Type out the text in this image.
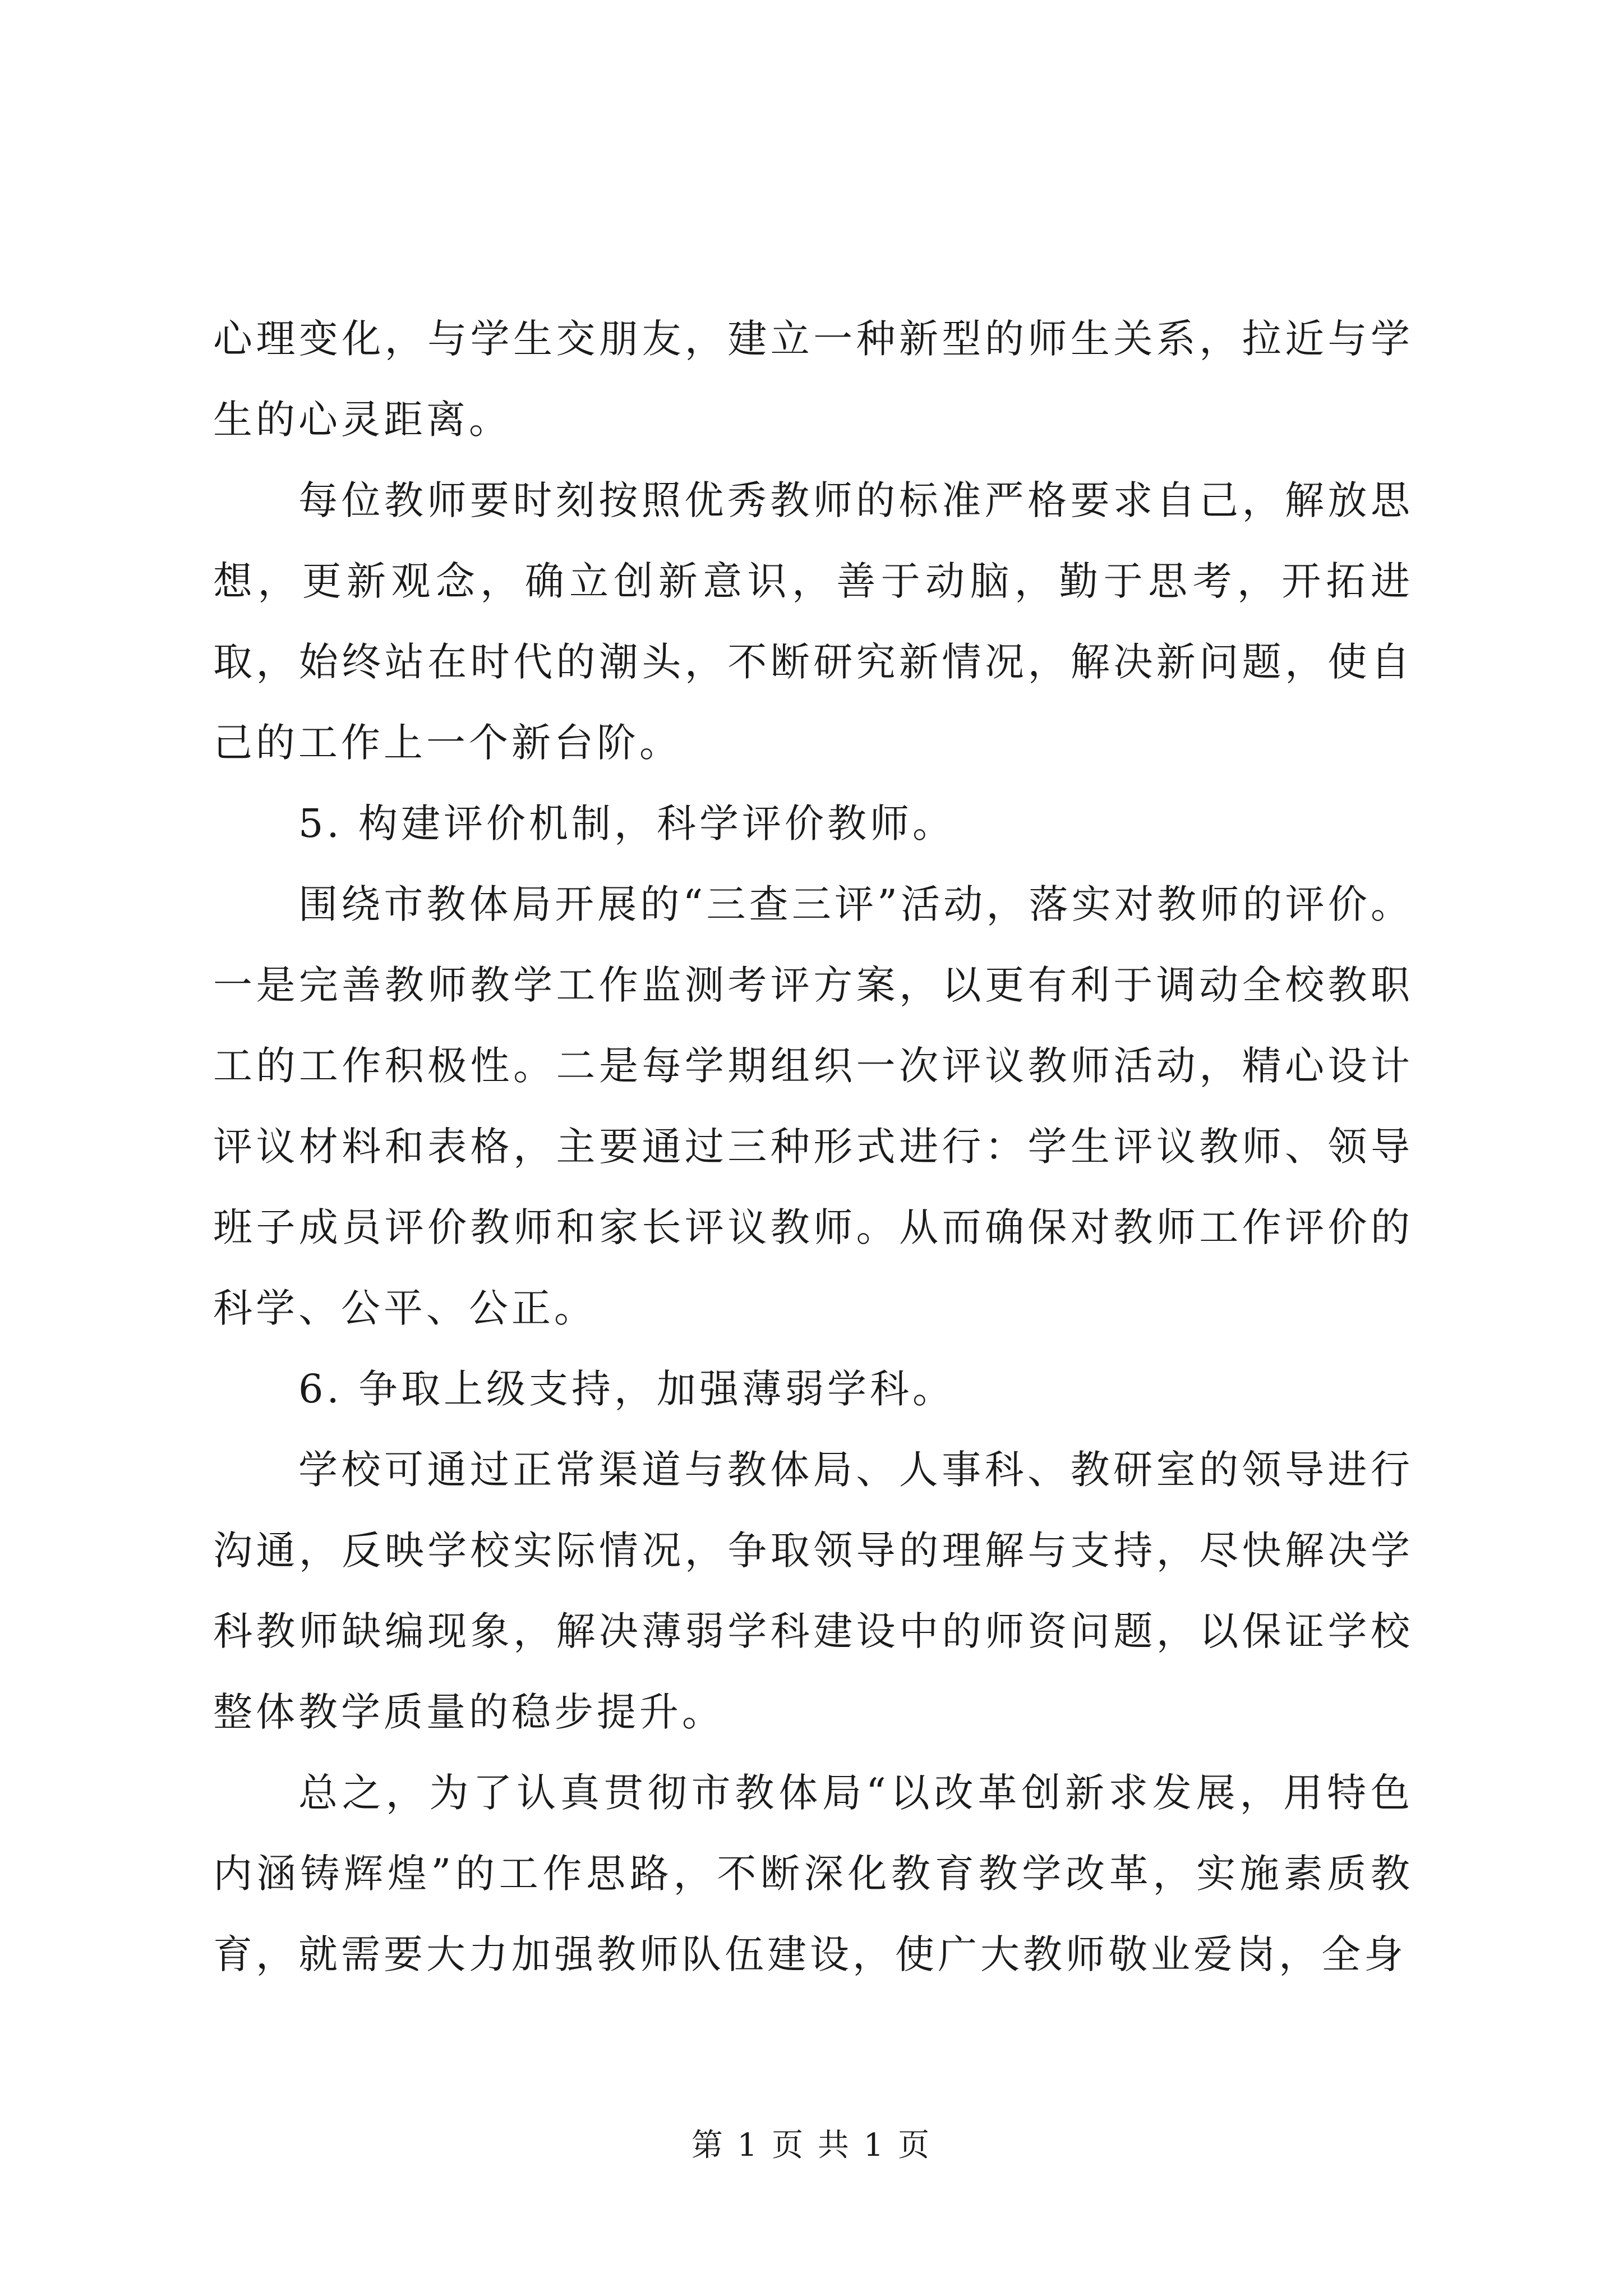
心理变化，与学生交朋友，建立一种新型的师生关系，拉近与学生的心灵距离。

每位教师要时刻按照优秀教师的标准严格要求自己，解放思想，更新观念，确立创新意识，善于动脑，勤于思考，开拓进取，始终站在时代的潮头，不断研究新情况，解决新问题，使自己的工作上一个新台阶。

5. 构建评价机制，科学评价教师。

围绕市教体局开展的“三查三评”活动，落实对教师的评价。一是完善教师教学工作监测考评方案，以更有利于调动全校教职工的工作积极性。二是每学期组织一次评议教师活动，精心设计评议材料和表格，主要通过三种形式进行：学生评议教师、领导班子成员评价教师和家长评议教师。从而确保对教师工作评价的科学、公平、公正。

6. 争取上级支持，加强薄弱学科。

学校可通过正常渠道与教体局、人事科、教研室的领导进行沟通，反映学校实际情况，争取领导的理解与支持，尽快解决学科教师缺编现象，解决薄弱学科建设中的师资问题，以保证学校整体教学质量的稳步提升。

总之，为了认真贯彻市教体局“以改革创新求发展，用特色内涵铸辉煌”的工作思路，不断深化教育教学改革，实施素质教育，就需要大力加强教师队伍建设，使广大教师敬业爱岗，全身

第 1 页 共 1 页
